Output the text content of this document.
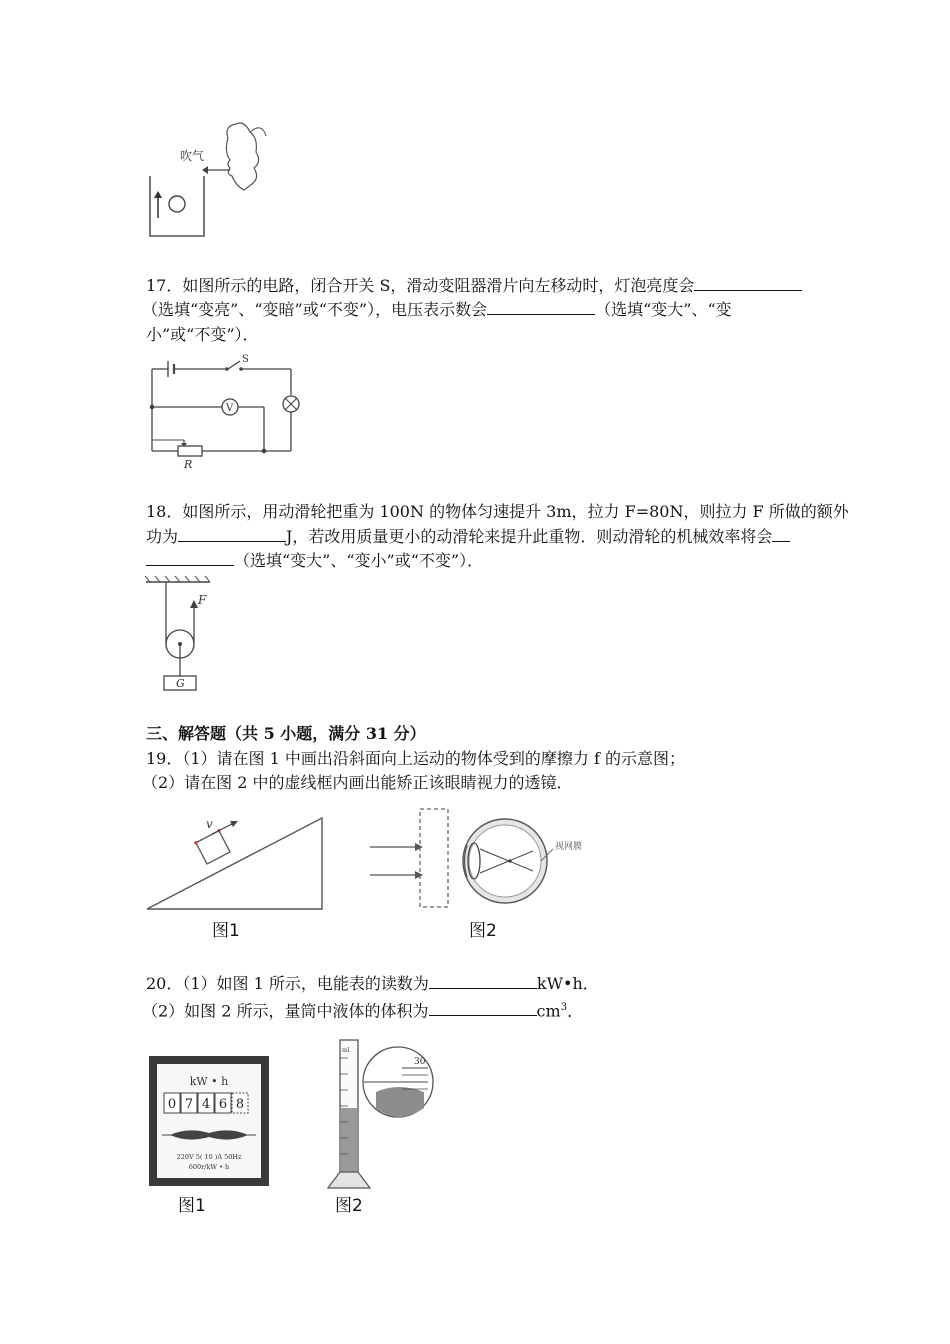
吹气
17．如图所示的电路，闭合开关 S，滑动变阻器滑片向左移动时，灯泡亮度会
（选填“变亮”、“变暗”或“不变”），电压表示数会	（选填“变大”、“变
小”或“不变”）．
S
V
R
18．如图所示，用动滑轮把重为 100N 的物体匀速提升 3m，拉力 F=80N，则拉力 F 所做的额外
功为	J，若改用质量更小的动滑轮来提升此重物．则动滑轮的机械效率将会
（选填“变大”、“变小”或“不变”）．
F
G
三、解答题（共 5 小题，满分 31 分）
19．（1）请在图 1 中画出沿斜面向上运动的物体受到的摩擦力 f 的示意图；
（2）请在图 2 中的虚线框内画出能矫正该眼睛视力的透镜．
v
图1
视网膜
图2
20．（1）如图 1 所示，电能表的读数为	kW•h．
（2）如图 2 所示，量筒中液体的体积为	$cm^3$．
kW • h
0 7 4 6 8
220V 5( 10 )A 50Hz
600r/kW • h
图1
ml
30
图2
